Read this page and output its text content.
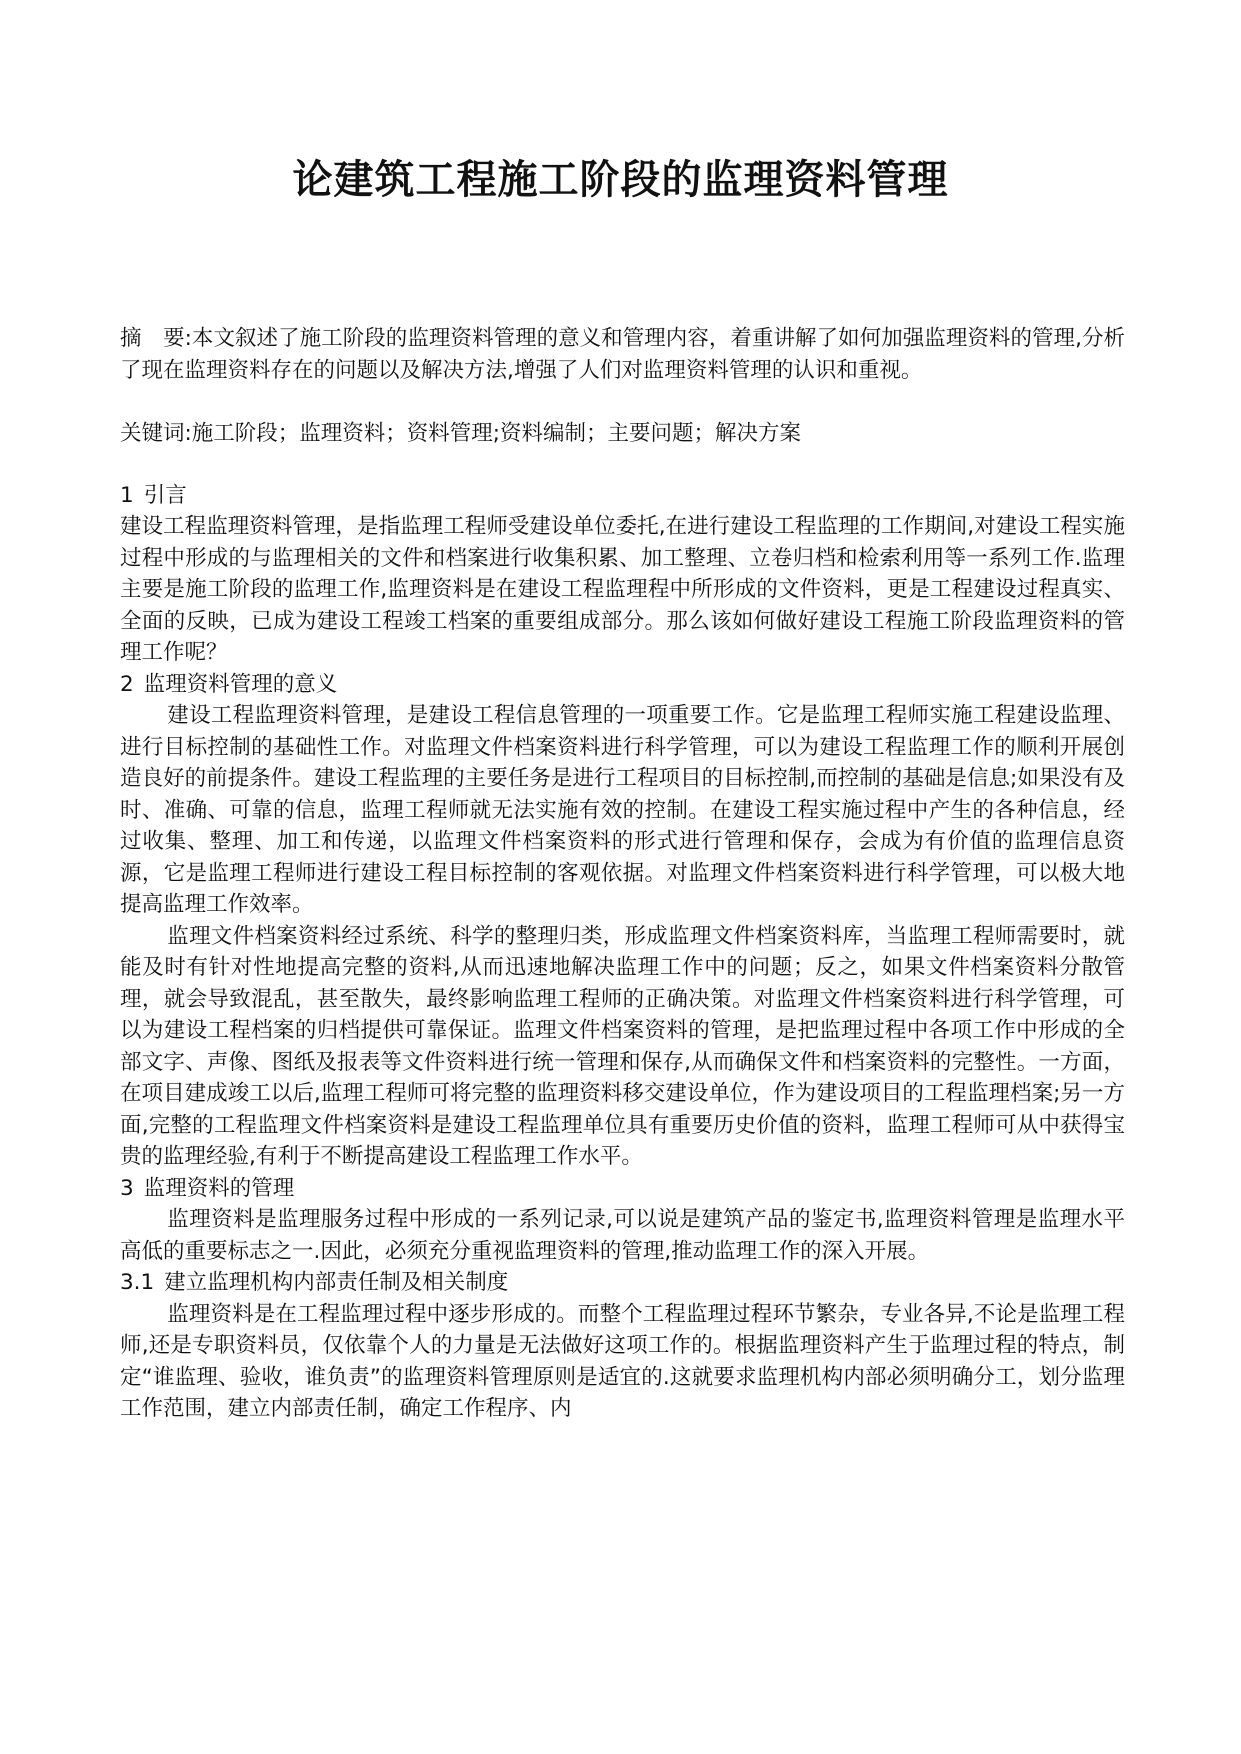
论建筑工程施工阶段的监理资料管理

摘　要:本文叙述了施工阶段的监理资料管理的意义和管理内容，着重讲解了如何加强监理资料的管理,分析了现在监理资料存在的问题以及解决方法,增强了人们对监理资料管理的认识和重视。

关键词:施工阶段；监理资料；资料管理;资料编制；主要问题；解决方案

1 引言

建设工程监理资料管理，是指监理工程师受建设单位委托,在进行建设工程监理的工作期间,对建设工程实施过程中形成的与监理相关的文件和档案进行收集积累、加工整理、立卷归档和检索利用等一系列工作.监理主要是施工阶段的监理工作,监理资料是在建设工程监理程中所形成的文件资料，更是工程建设过程真实、全面的反映，已成为建设工程竣工档案的重要组成部分。那么该如何做好建设工程施工阶段监理资料的管理工作呢？

2 监理资料管理的意义

建设工程监理资料管理，是建设工程信息管理的一项重要工作。它是监理工程师实施工程建设监理、进行目标控制的基础性工作。对监理文件档案资料进行科学管理，可以为建设工程监理工作的顺利开展创造良好的前提条件。建设工程监理的主要任务是进行工程项目的目标控制,而控制的基础是信息;如果没有及时、准确、可靠的信息，监理工程师就无法实施有效的控制。在建设工程实施过程中产生的各种信息，经过收集、整理、加工和传递，以监理文件档案资料的形式进行管理和保存，会成为有价值的监理信息资源，它是监理工程师进行建设工程目标控制的客观依据。对监理文件档案资料进行科学管理，可以极大地提高监理工作效率。

监理文件档案资料经过系统、科学的整理归类，形成监理文件档案资料库，当监理工程师需要时，就能及时有针对性地提高完整的资料,从而迅速地解决监理工作中的问题；反之，如果文件档案资料分散管理，就会导致混乱，甚至散失，最终影响监理工程师的正确决策。对监理文件档案资料进行科学管理，可以为建设工程档案的归档提供可靠保证。监理文件档案资料的管理，是把监理过程中各项工作中形成的全部文字、声像、图纸及报表等文件资料进行统一管理和保存,从而确保文件和档案资料的完整性。一方面，在项目建成竣工以后,监理工程师可将完整的监理资料移交建设单位，作为建设项目的工程监理档案;另一方面,完整的工程监理文件档案资料是建设工程监理单位具有重要历史价值的资料，监理工程师可从中获得宝贵的监理经验,有利于不断提高建设工程监理工作水平。

3 监理资料的管理

监理资料是监理服务过程中形成的一系列记录,可以说是建筑产品的鉴定书,监理资料管理是监理水平高低的重要标志之一.因此，必须充分重视监理资料的管理,推动监理工作的深入开展。

3.1 建立监理机构内部责任制及相关制度

监理资料是在工程监理过程中逐步形成的。而整个工程监理过程环节繁杂，专业各异,不论是监理工程师,还是专职资料员，仅依靠个人的力量是无法做好这项工作的。根据监理资料产生于监理过程的特点，制定“谁监理、验收，谁负责”的监理资料管理原则是适宜的.这就要求监理机构内部必须明确分工，划分监理工作范围，建立内部责任制，确定工作程序、内
